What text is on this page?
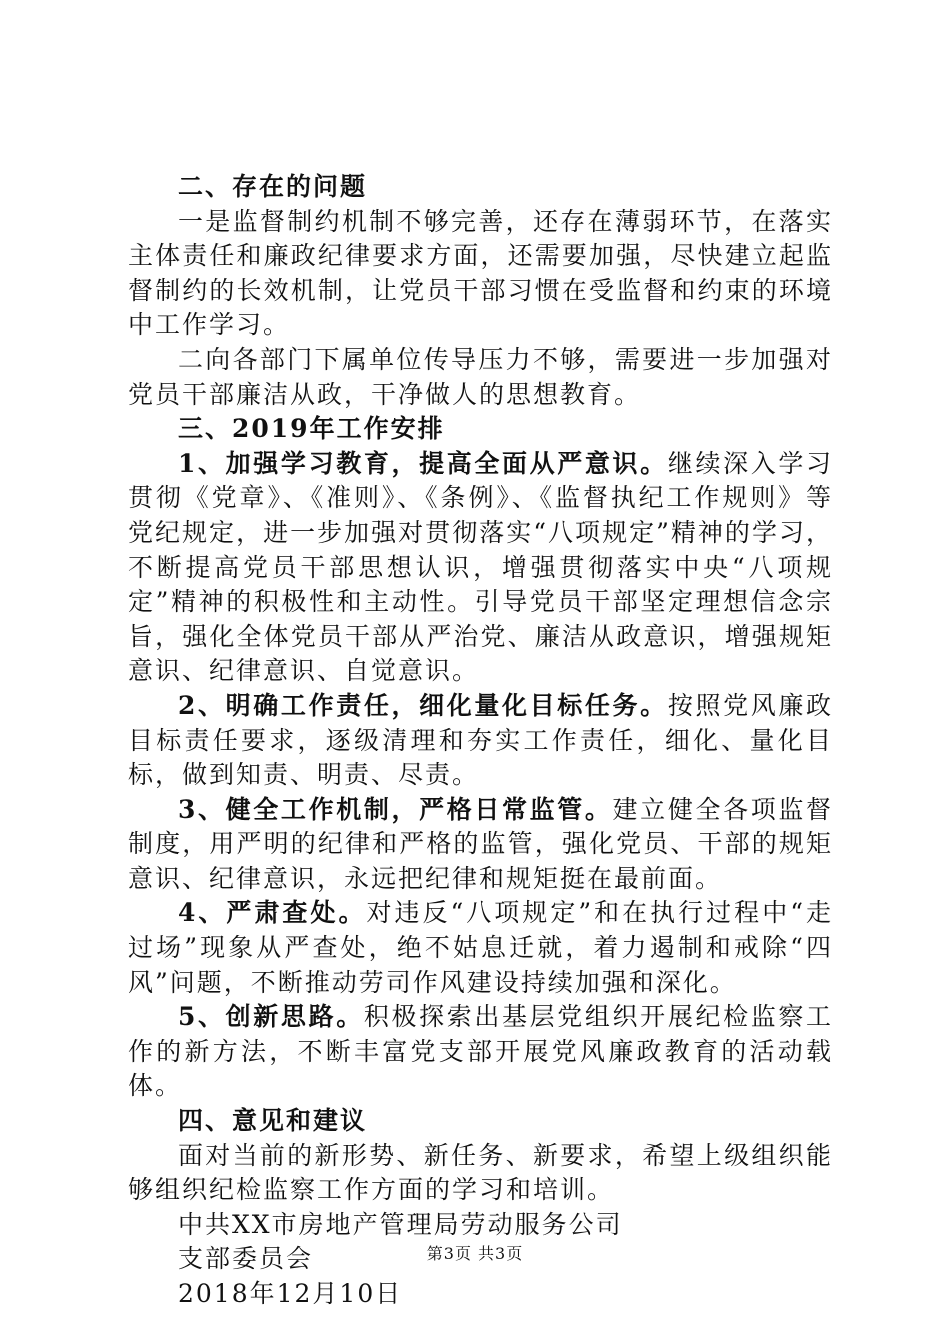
二、存在的问题

一是监督制约机制不够完善，还存在薄弱环节，在落实主体责任和廉政纪律要求方面，还需要加强，尽快建立起监督制约的长效机制，让党员干部习惯在受监督和约束的环境中工作学习。

二向各部门下属单位传导压力不够，需要进一步加强对党员干部廉洁从政，干净做人的思想教育。

三、2019年工作安排

1、加强学习教育，提高全面从严意识。继续深入学习贯彻《党章》、《准则》、《条例》、《监督执纪工作规则》等党纪规定，进一步加强对贯彻落实“八项规定”精神的学习，不断提高党员干部思想认识，增强贯彻落实中央“八项规定”精神的积极性和主动性。引导党员干部坚定理想信念宗旨，强化全体党员干部从严治党、廉洁从政意识，增强规矩意识、纪律意识、自觉意识。

2、明确工作责任，细化量化目标任务。按照党风廉政目标责任要求，逐级清理和夯实工作责任，细化、量化目标，做到知责、明责、尽责。

3、健全工作机制，严格日常监管。建立健全各项监督制度，用严明的纪律和严格的监管，强化党员、干部的规矩意识、纪律意识，永远把纪律和规矩挺在最前面。

4、严肃查处。对违反“八项规定”和在执行过程中“走过场”现象从严查处，绝不姑息迁就，着力遏制和戒除“四风”问题，不断推动劳司作风建设持续加强和深化。

5、创新思路。积极探索出基层党组织开展纪检监察工作的新方法，不断丰富党支部开展党风廉政教育的活动载体。

四、意见和建议

面对当前的新形势、新任务、新要求，希望上级组织能够组织纪检监察工作方面的学习和培训。

中共XX市房地产管理局劳动服务公司

支部委员会

2018年12月10日

第3页 共3页
